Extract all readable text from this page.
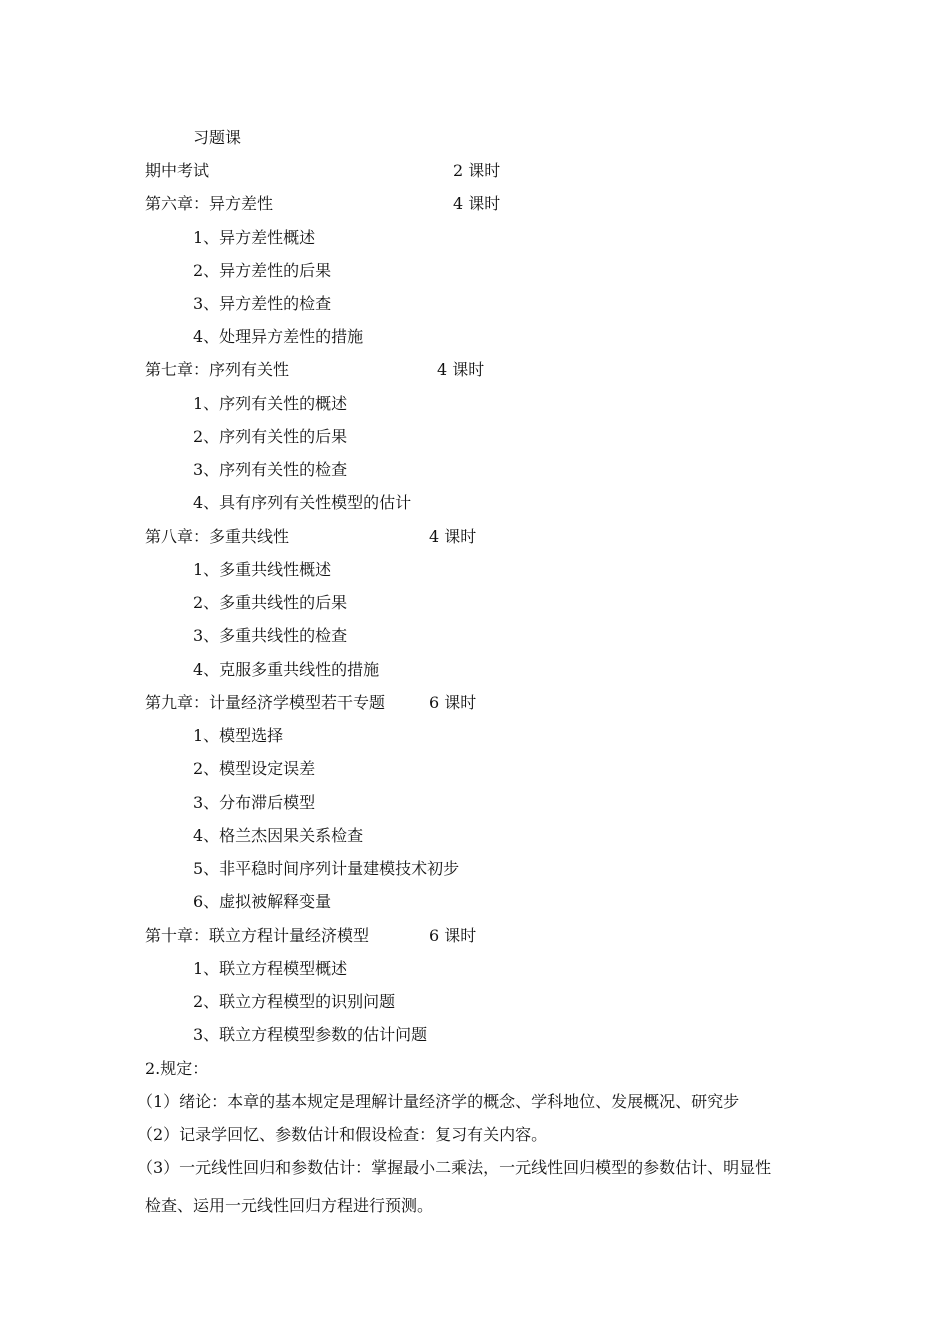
习题课
期中考试	2 课时
第六章：异方差性	4 课时
1、异方差性概述
2、异方差性的后果
3、异方差性的检查
4、处理异方差性的措施
第七章：序列有关性	4 课时
1、序列有关性的概述
2、序列有关性的后果
3、序列有关性的检查
4、具有序列有关性模型的估计
第八章：多重共线性	4 课时
1、多重共线性概述
2、多重共线性的后果
3、多重共线性的检查
4、克服多重共线性的措施
第九章：计量经济学模型若干专题	6 课时
1、模型选择
2、模型设定误差
3、分布滞后模型
4、格兰杰因果关系检查
5、非平稳时间序列计量建模技术初步
6、虚拟被解释变量
第十章：联立方程计量经济模型	6 课时
1、联立方程模型概述
2、联立方程模型的识别问题
3、联立方程模型参数的估计问题
2.规定：
（1）绪论：本章的基本规定是理解计量经济学的概念、学科地位、发展概况、研究步
（2）记录学回忆、参数估计和假设检查：复习有关内容。
（3）一元线性回归和参数估计：掌握最小二乘法，一元线性回归模型的参数估计、明显性
检查、运用一元线性回归方程进行预测。
